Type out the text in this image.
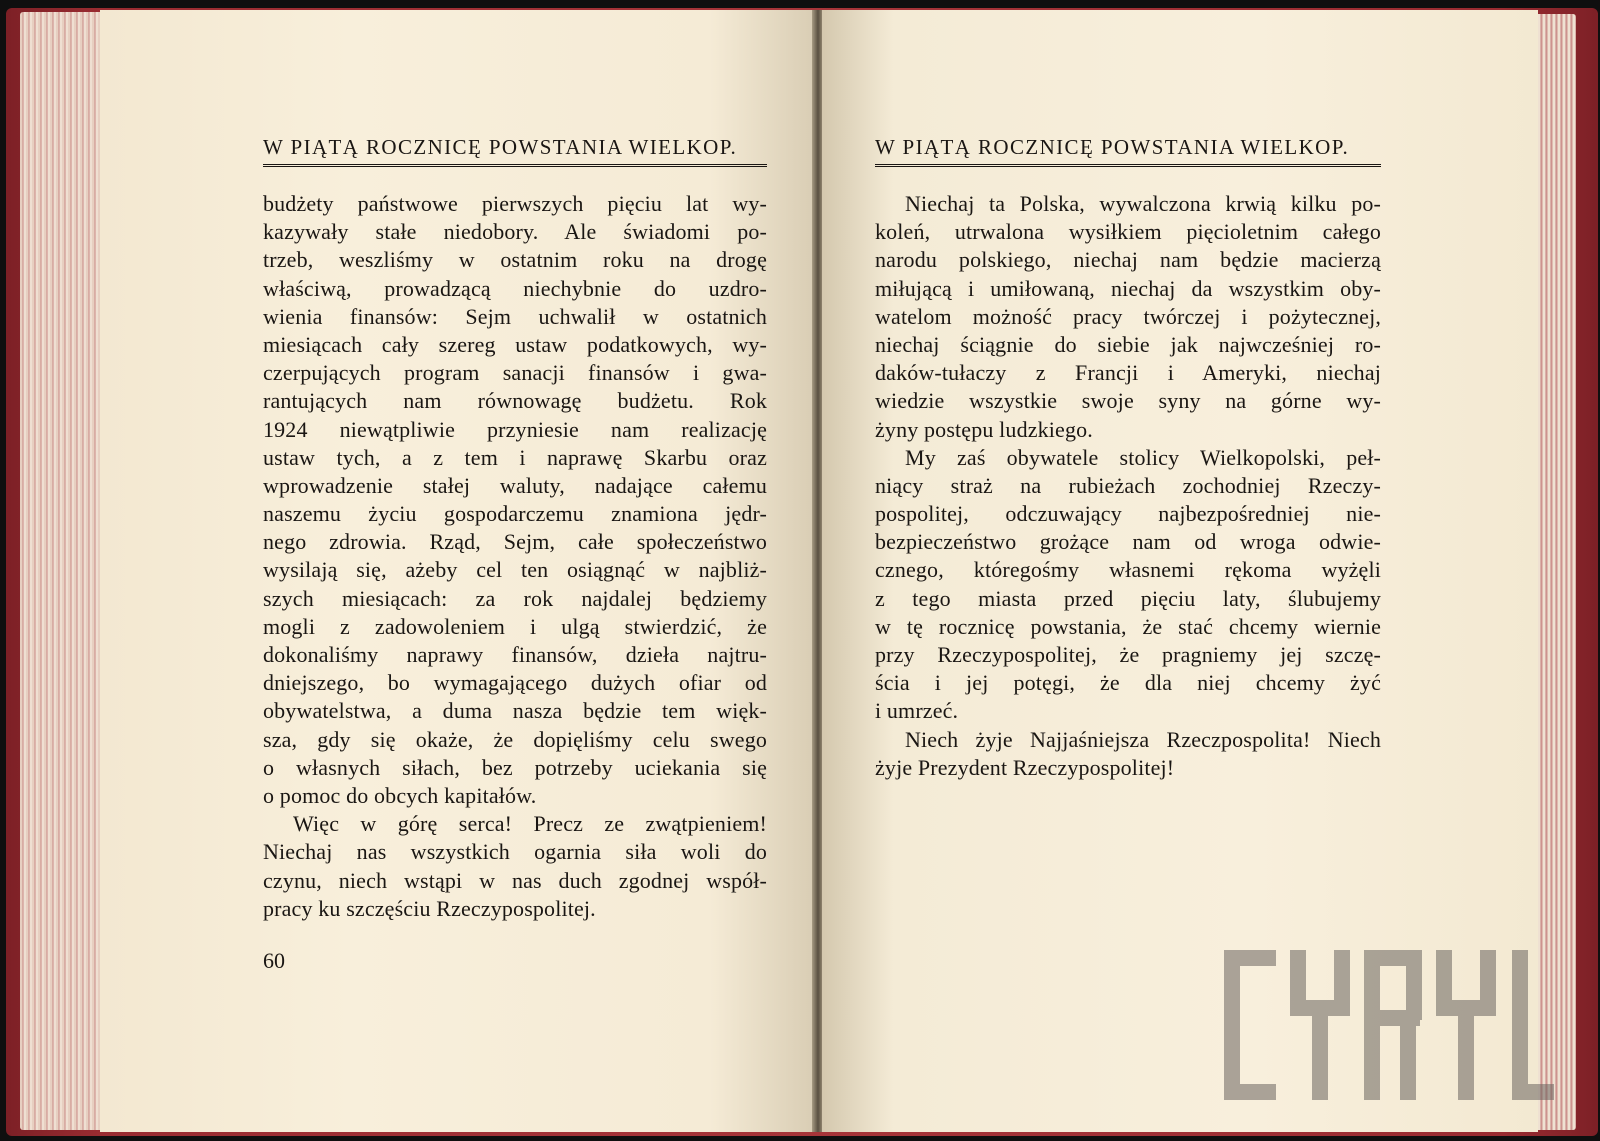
W PIĄTĄ ROCZNICĘ POWSTANIA WIELKOP.
budżety państwowe pierwszych pięciu lat wy-
kazywały stałe niedobory. Ale świadomi po-
trzeb, weszliśmy w ostatnim roku na drogę
właściwą, prowadzącą niechybnie do uzdro-
wienia finansów: Sejm uchwalił w ostatnich
miesiącach cały szereg ustaw podatkowych, wy-
czerpujących program sanacji finansów i gwa-
rantujących nam równowagę budżetu. Rok
1924 niewątpliwie przyniesie nam realizację
ustaw tych, a z tem i naprawę Skarbu oraz
wprowadzenie stałej waluty, nadające całemu
naszemu życiu gospodarczemu znamiona jędr-
nego zdrowia. Rząd, Sejm, całe społeczeństwo
wysilają się, ażeby cel ten osiągnąć w najbliż-
szych miesiącach: za rok najdalej będziemy
mogli z zadowoleniem i ulgą stwierdzić, że
dokonaliśmy naprawy finansów, dzieła najtru-
dniejszego, bo wymagającego dużych ofiar od
obywatelstwa, a duma nasza będzie tem więk-
sza, gdy się okaże, że dopięliśmy celu swego
o własnych siłach, bez potrzeby uciekania się
o pomoc do obcych kapitałów.
Więc w górę serca! Precz ze zwątpieniem!
Niechaj nas wszystkich ogarnia siła woli do
czynu, niech wstąpi w nas duch zgodnej współ-
pracy ku szczęściu Rzeczypospolitej.
60
W PIĄTĄ ROCZNICĘ POWSTANIA WIELKOP.
Niechaj ta Polska, wywalczona krwią kilku po-
koleń, utrwalona wysiłkiem pięcioletnim całego
narodu polskiego, niechaj nam będzie macierzą
miłującą i umiłowaną, niechaj da wszystkim oby-
watelom możność pracy twórczej i pożytecznej,
niechaj ściągnie do siebie jak najwcześniej ro-
daków-tułaczy z Francji i Ameryki, niechaj
wiedzie wszystkie swoje syny na górne wy-
żyny postępu ludzkiego.
My zaś obywatele stolicy Wielkopolski, peł-
niący straż na rubieżach zochodniej Rzeczy-
pospolitej, odczuwający najbezpośredniej nie-
bezpieczeństwo grożące nam od wroga odwie-
cznego, któregośmy własnemi rękoma wyżęli
z tego miasta przed pięciu laty, ślubujemy
w tę rocznicę powstania, że stać chcemy wiernie
przy Rzeczypospolitej, że pragniemy jej szczę-
ścia i jej potęgi, że dla niej chcemy żyć
i umrzeć.
Niech żyje Najjaśniejsza Rzeczpospolita! Niech
żyje Prezydent Rzeczypospolitej!
